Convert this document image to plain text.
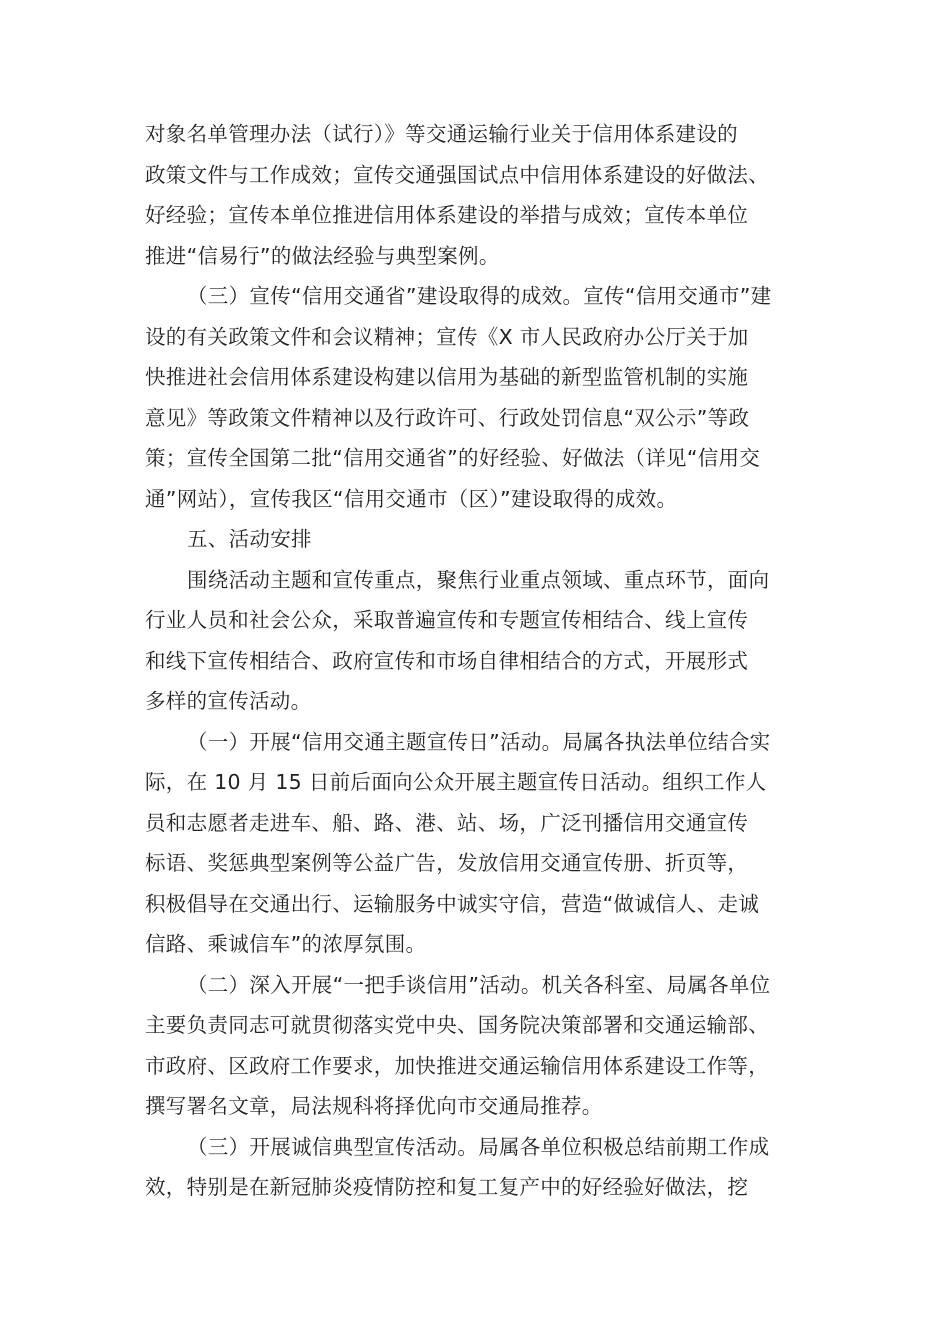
对象名单管理办法（试行）》等交通运输行业关于信用体系建设的
政策文件与工作成效；宣传交通强国试点中信用体系建设的好做法、
好经验；宣传本单位推进信用体系建设的举措与成效；宣传本单位
推进“信易行”的做法经验与典型案例。
（三）宣传“信用交通省”建设取得的成效。宣传“信用交通市”建
设的有关政策文件和会议精神；宣传《X 市人民政府办公厅关于加
快推进社会信用体系建设构建以信用为基础的新型监管机制的实施
意见》等政策文件精神以及行政许可、行政处罚信息“双公示”等政
策；宣传全国第二批“信用交通省”的好经验、好做法（详见“信用交
通”网站），宣传我区“信用交通市（区）”建设取得的成效。
五、活动安排
围绕活动主题和宣传重点，聚焦行业重点领域、重点环节，面向
行业人员和社会公众，采取普遍宣传和专题宣传相结合、线上宣传
和线下宣传相结合、政府宣传和市场自律相结合的方式，开展形式
多样的宣传活动。
（一）开展“信用交通主题宣传日”活动。局属各执法单位结合实
际，在 10 月 15 日前后面向公众开展主题宣传日活动。组织工作人
员和志愿者走进车、船、路、港、站、场，广泛刊播信用交通宣传
标语、奖惩典型案例等公益广告，发放信用交通宣传册、折页等，
积极倡导在交通出行、运输服务中诚实守信，营造“做诚信人、走诚
信路、乘诚信车”的浓厚氛围。
（二）深入开展“一把手谈信用”活动。机关各科室、局属各单位
主要负责同志可就贯彻落实党中央、国务院决策部署和交通运输部、
市政府、区政府工作要求，加快推进交通运输信用体系建设工作等，
撰写署名文章，局法规科将择优向市交通局推荐。
（三）开展诚信典型宣传活动。局属各单位积极总结前期工作成
效，特别是在新冠肺炎疫情防控和复工复产中的好经验好做法，挖
